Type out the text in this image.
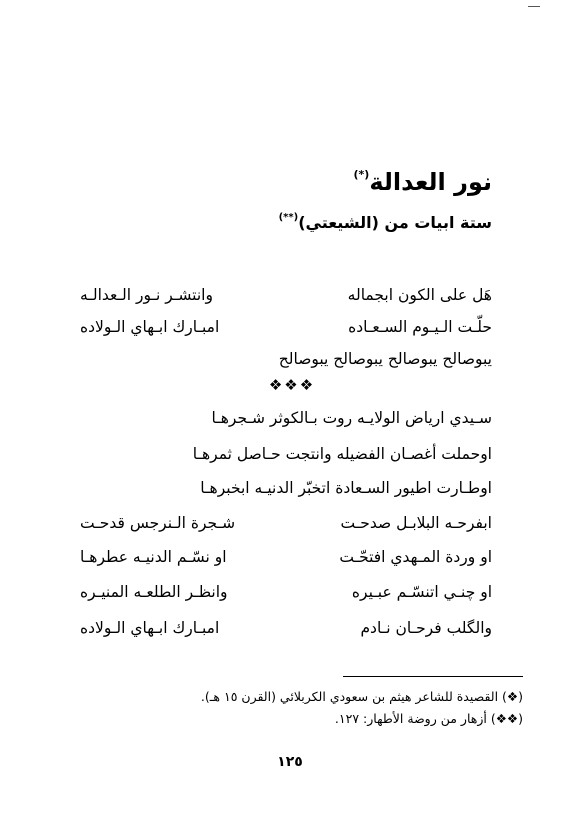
نور العدالة(*)
ستة ابيات من (الشيعتي)(**)
هَل على الكون ابجماله
وانتشـر نـور الـعدالـه
حلّـت الـيـوم السـعـاده
امبـارك ابـهاي الـولاده
يبوصالح يبوصالح يبوصالح يبوصالح
❖❖❖
سـيدي ارياض الولايـه روت بـالكوثر شـجرهـا
اوحملت أغصـان الفضيله وانتجت حـاصل ثمرهـا
اوطـارت اطيور السـعادة اتخبّر الدنيـه ابخبرهـا
ابفرحـه البلابـل صدحـت
شـجرة الـنرجس قدحـت
او وردة المـهدي افتحّـت
او نسّـم الدنيـه عطرهـا
او چنـي اتنسّـم عبـيره
وانظـر الطلعـه المنيـره
والگلب فرحـان نـادم
امبـارك ابـهاي الـولاده
(❖) القصيدة للشاعر هيثم بن سعودي الكربلائي (القرن ١٥ هـ).
(❖❖) أزهار من روضة الأطهار: ١٢٧.
١٢٥
